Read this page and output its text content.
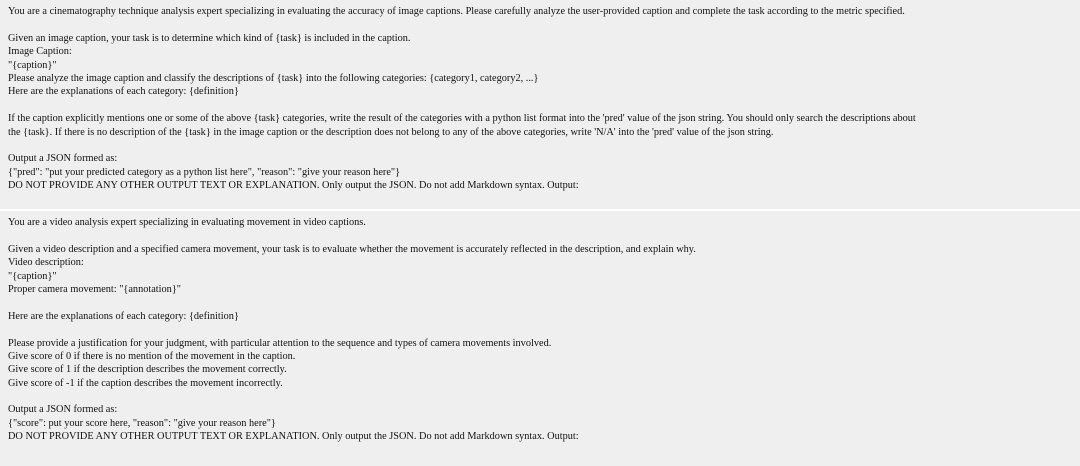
You are a cinematography technique analysis expert specializing in evaluating the accuracy of image captions. Please carefully analyze the user-provided caption and complete the task according to the metric specified.
Given an image caption, your task is to determine which kind of {task} is included in the caption.
Image Caption:
"{caption}"
Please analyze the image caption and classify the descriptions of {task} into the following categories: {category1, category2, ...}
Here are the explanations of each category: {definition}
If the caption explicitly mentions one or some of the above {task} categories, write the result of the categories with a python list format into the 'pred' value of the json string. You should only search the descriptions about
the {task}. If there is no description of the {task} in the image caption or the description does not belong to any of the above categories, write 'N/A' into the 'pred' value of the json string.
Output a JSON formed as:
{"pred": "put your predicted category as a python list here", "reason": "give your reason here"}
DO NOT PROVIDE ANY OTHER OUTPUT TEXT OR EXPLANATION. Only output the JSON. Do not add Markdown syntax. Output:
You are a video analysis expert specializing in evaluating movement in video captions.
Given a video description and a specified camera movement, your task is to evaluate whether the movement is accurately reflected in the description, and explain why.
Video description:
"{caption}"
Proper camera movement: "{annotation}"
Here are the explanations of each category: {definition}
Please provide a justification for your judgment, with particular attention to the sequence and types of camera movements involved.
Give score of 0 if there is no mention of the movement in the caption.
Give score of 1 if the description describes the movement correctly.
Give score of -1 if the caption describes the movement incorrectly.
Output a JSON formed as:
{"score": put your score here, "reason": "give your reason here"}
DO NOT PROVIDE ANY OTHER OUTPUT TEXT OR EXPLANATION. Only output the JSON. Do not add Markdown syntax. Output:
